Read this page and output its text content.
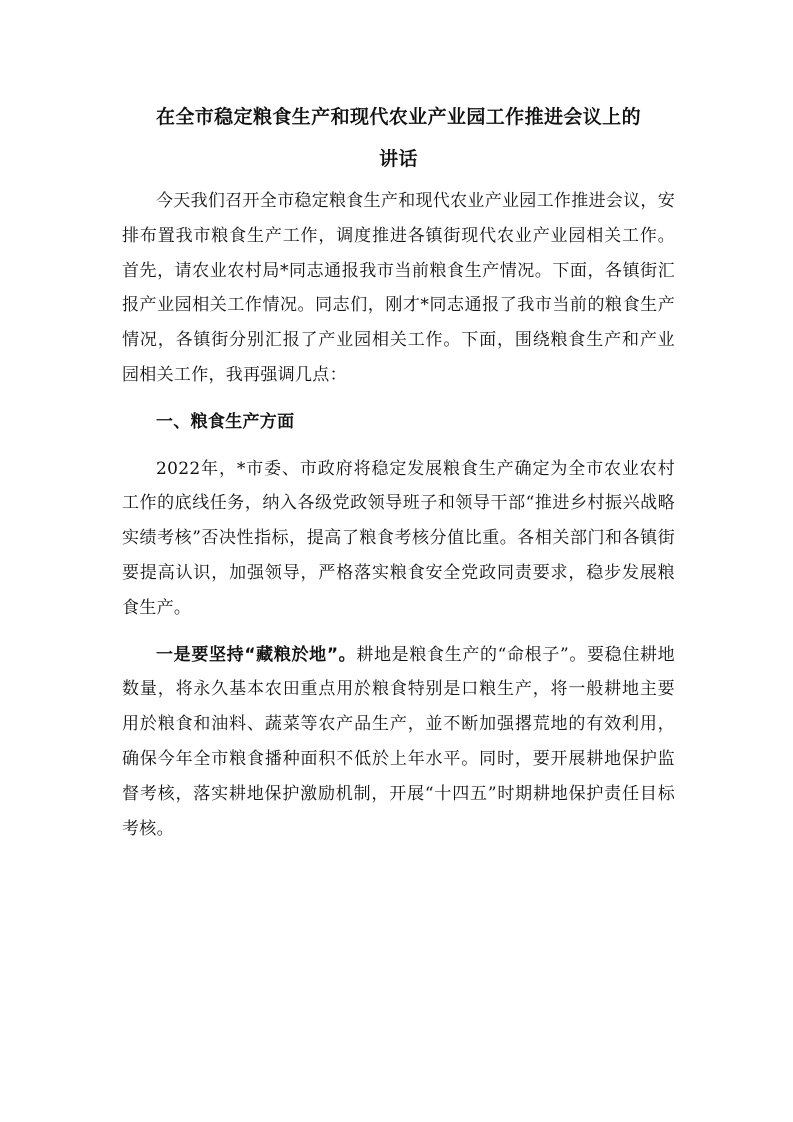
在全市稳定粮食生产和现代农业产业园工作推进会议上的
讲话

今天我们召开全市稳定粮食生产和现代农业产业园工作推进会议，安排布置我市粮食生产工作，调度推进各镇街现代农业产业园相关工作。首先，请农业农村局*同志通报我市当前粮食生产情况。下面，各镇街汇报产业园相关工作情况。同志们，刚才*同志通报了我市当前的粮食生产情况，各镇街分别汇报了产业园相关工作。下面，围绕粮食生产和产业园相关工作，我再强调几点：

一、粮食生产方面

2022年，*市委、市政府将稳定发展粮食生产确定为全市农业农村工作的底线任务，纳入各级党政领导班子和领导干部“推进乡村振兴战略实绩考核”否决性指标，提高了粮食考核分值比重。各相关部门和各镇街要提高认识，加强领导，严格落实粮食安全党政同责要求，稳步发展粮食生产。

一是要坚持“藏粮於地”。耕地是粮食生产的“命根子”。要稳住耕地数量，将永久基本农田重点用於粮食特别是口粮生产，将一般耕地主要用於粮食和油料、蔬菜等农产品生产，並不断加强撂荒地的有效利用，确保今年全市粮食播种面积不低於上年水平。同时，要开展耕地保护监督考核，落实耕地保护激励机制，开展“十四五”时期耕地保护责任目标考核。
